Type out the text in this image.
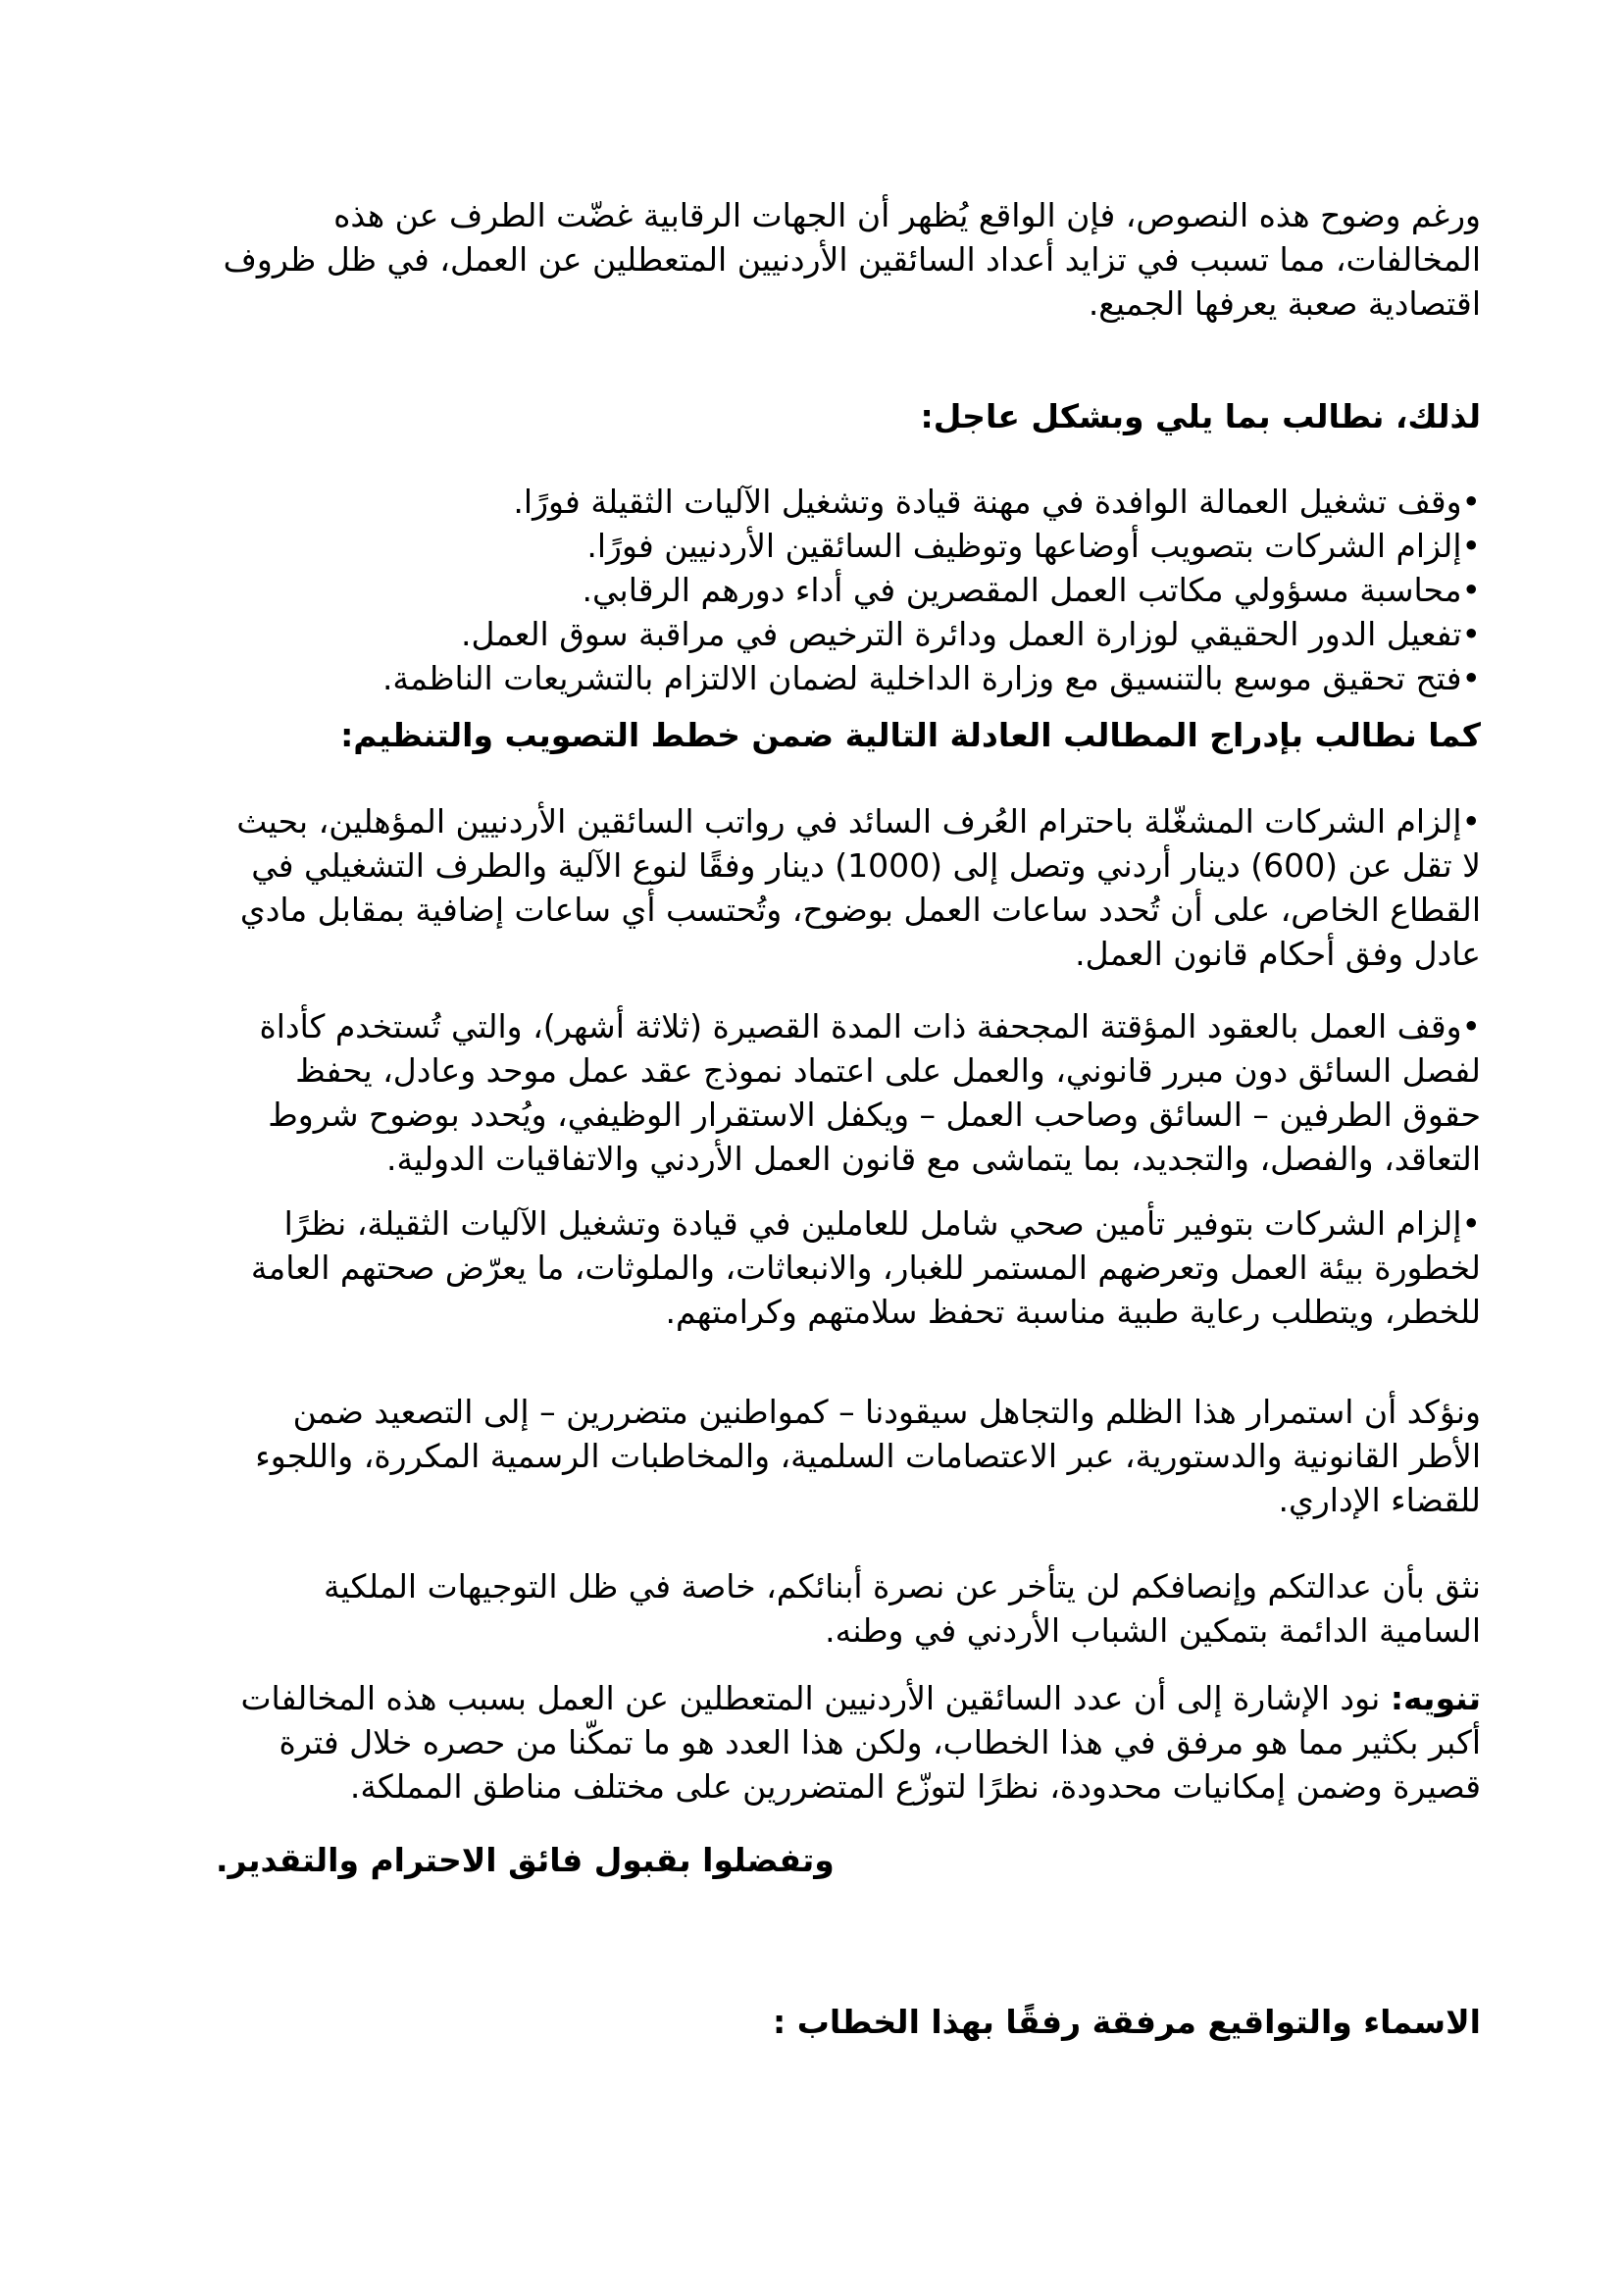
ورغم وضوح هذه النصوص، فإن الواقع يُظهر أن الجهات الرقابية غضّت الطرف عن هذه المخالفات، مما تسبب في تزايد أعداد السائقين الأردنيين المتعطلين عن العمل، في ظل ظروف اقتصادية صعبة يعرفها الجميع.

لذلك، نطالب بما يلي وبشكل عاجل:

• وقف تشغيل العمالة الوافدة في مهنة قيادة وتشغيل الآليات الثقيلة فورًا.
• إلزام الشركات بتصويب أوضاعها وتوظيف السائقين الأردنيين فورًا.
• محاسبة مسؤولي مكاتب العمل المقصرين في أداء دورهم الرقابي.
• تفعيل الدور الحقيقي لوزارة العمل ودائرة الترخيص في مراقبة سوق العمل.
• فتح تحقيق موسع بالتنسيق مع وزارة الداخلية لضمان الالتزام بالتشريعات الناظمة.

كما نطالب بإدراج المطالب العادلة التالية ضمن خطط التصويب والتنظيم:

• إلزام الشركات المشغّلة باحترام العُرف السائد في رواتب السائقين الأردنيين المؤهلين، بحيث لا تقل عن (600) دينار أردني وتصل إلى (1000) دينار وفقًا لنوع الآلية والطرف التشغيلي في القطاع الخاص، على أن تُحدد ساعات العمل بوضوح، وتُحتسب أي ساعات إضافية بمقابل مادي عادل وفق أحكام قانون العمل.
• وقف العمل بالعقود المؤقتة المجحفة ذات المدة القصيرة (ثلاثة أشهر)، والتي تُستخدم كأداة لفصل السائق دون مبرر قانوني، والعمل على اعتماد نموذج عقد عمل موحد وعادل، يحفظ حقوق الطرفين – السائق وصاحب العمل – ويكفل الاستقرار الوظيفي، ويُحدد بوضوح شروط التعاقد، والفصل، والتجديد، بما يتماشى مع قانون العمل الأردني والاتفاقيات الدولية.
• إلزام الشركات بتوفير تأمين صحي شامل للعاملين في قيادة وتشغيل الآليات الثقيلة، نظرًا لخطورة بيئة العمل وتعرضهم المستمر للغبار، والانبعاثات، والملوثات، ما يعرّض صحتهم العامة للخطر، ويتطلب رعاية طبية مناسبة تحفظ سلامتهم وكرامتهم.

ونؤكد أن استمرار هذا الظلم والتجاهل سيقودنا – كمواطنين متضررين – إلى التصعيد ضمن الأطر القانونية والدستورية، عبر الاعتصامات السلمية، والمخاطبات الرسمية المكررة، واللجوء للقضاء الإداري.

نثق بأن عدالتكم وإنصافكم لن يتأخر عن نصرة أبنائكم، خاصة في ظل التوجيهات الملكية السامية الدائمة بتمكين الشباب الأردني في وطنه.

تنويه: نود الإشارة إلى أن عدد السائقين الأردنيين المتعطلين عن العمل بسبب هذه المخالفات أكبر بكثير مما هو مرفق في هذا الخطاب، ولكن هذا العدد هو ما تمكّنا من حصره خلال فترة قصيرة وضمن إمكانيات محدودة، نظرًا لتوزّع المتضررين على مختلف مناطق المملكة.

وتفضلوا بقبول فائق الاحترام والتقدير.

الاسماء والتواقيع مرفقة رفقًا بهذا الخطاب :
